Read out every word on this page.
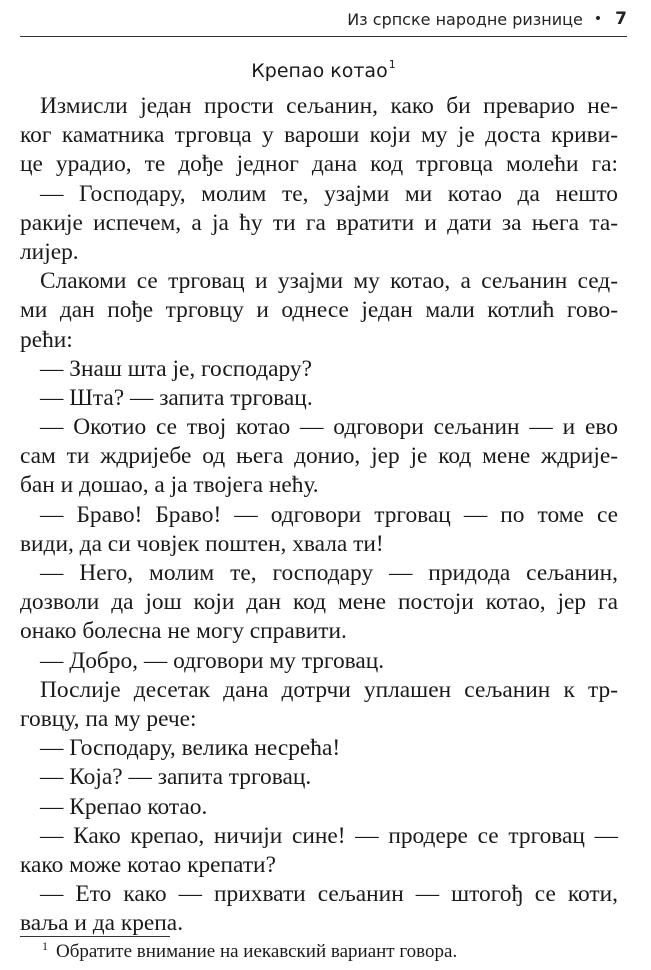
Из српске народне ризнице • 7
Крепао котао$^1$
Измисли један прости сељанин, како би преварио не-
ког каматника трговца у вароши који му је доста криви-
це урадио, те дође једног дана код трговца молећи га:
— Господару, молим те, узајми ми котао да нешто
ракије испечем, а ја ћу ти га вратити и дати за њега та-
лијер.
Слакоми се трговац и узајми му котао, а сељанин сед-
ми дан пође трговцу и однесе један мали котлић гово-
рећи:
— Знаш шта је, господару?
— Шта? — запита трговац.
— Окотио се твој котао — одговори сељанин — и ево
сам ти ждријебе од њега донио, јер је код мене ждрије-
бан и дошао, а ја твојега нећу.
— Браво! Браво! — одговори трговац — по томе се
види, да си човјек поштен, хвала ти!
— Него, молим те, господару — придода сељанин,
дозволи да још који дан код мене постоји котао, јер га
онако болесна не могу справити.
— Добро, — одговори му трговац.
Послије десетак дана дотрчи уплашен сељанин к тр-
говцу, па му рече:
— Господару, велика несрећа!
— Која? — запита трговац.
— Крепао котао.
— Како крепао, ничији сине! — продере се трговац —
како може котао крепати?
— Ето како — прихвати сељанин — штогођ се коти,
ваља и да крепа.
$^1$ Обратите внимание на иекавский вариант говора.
